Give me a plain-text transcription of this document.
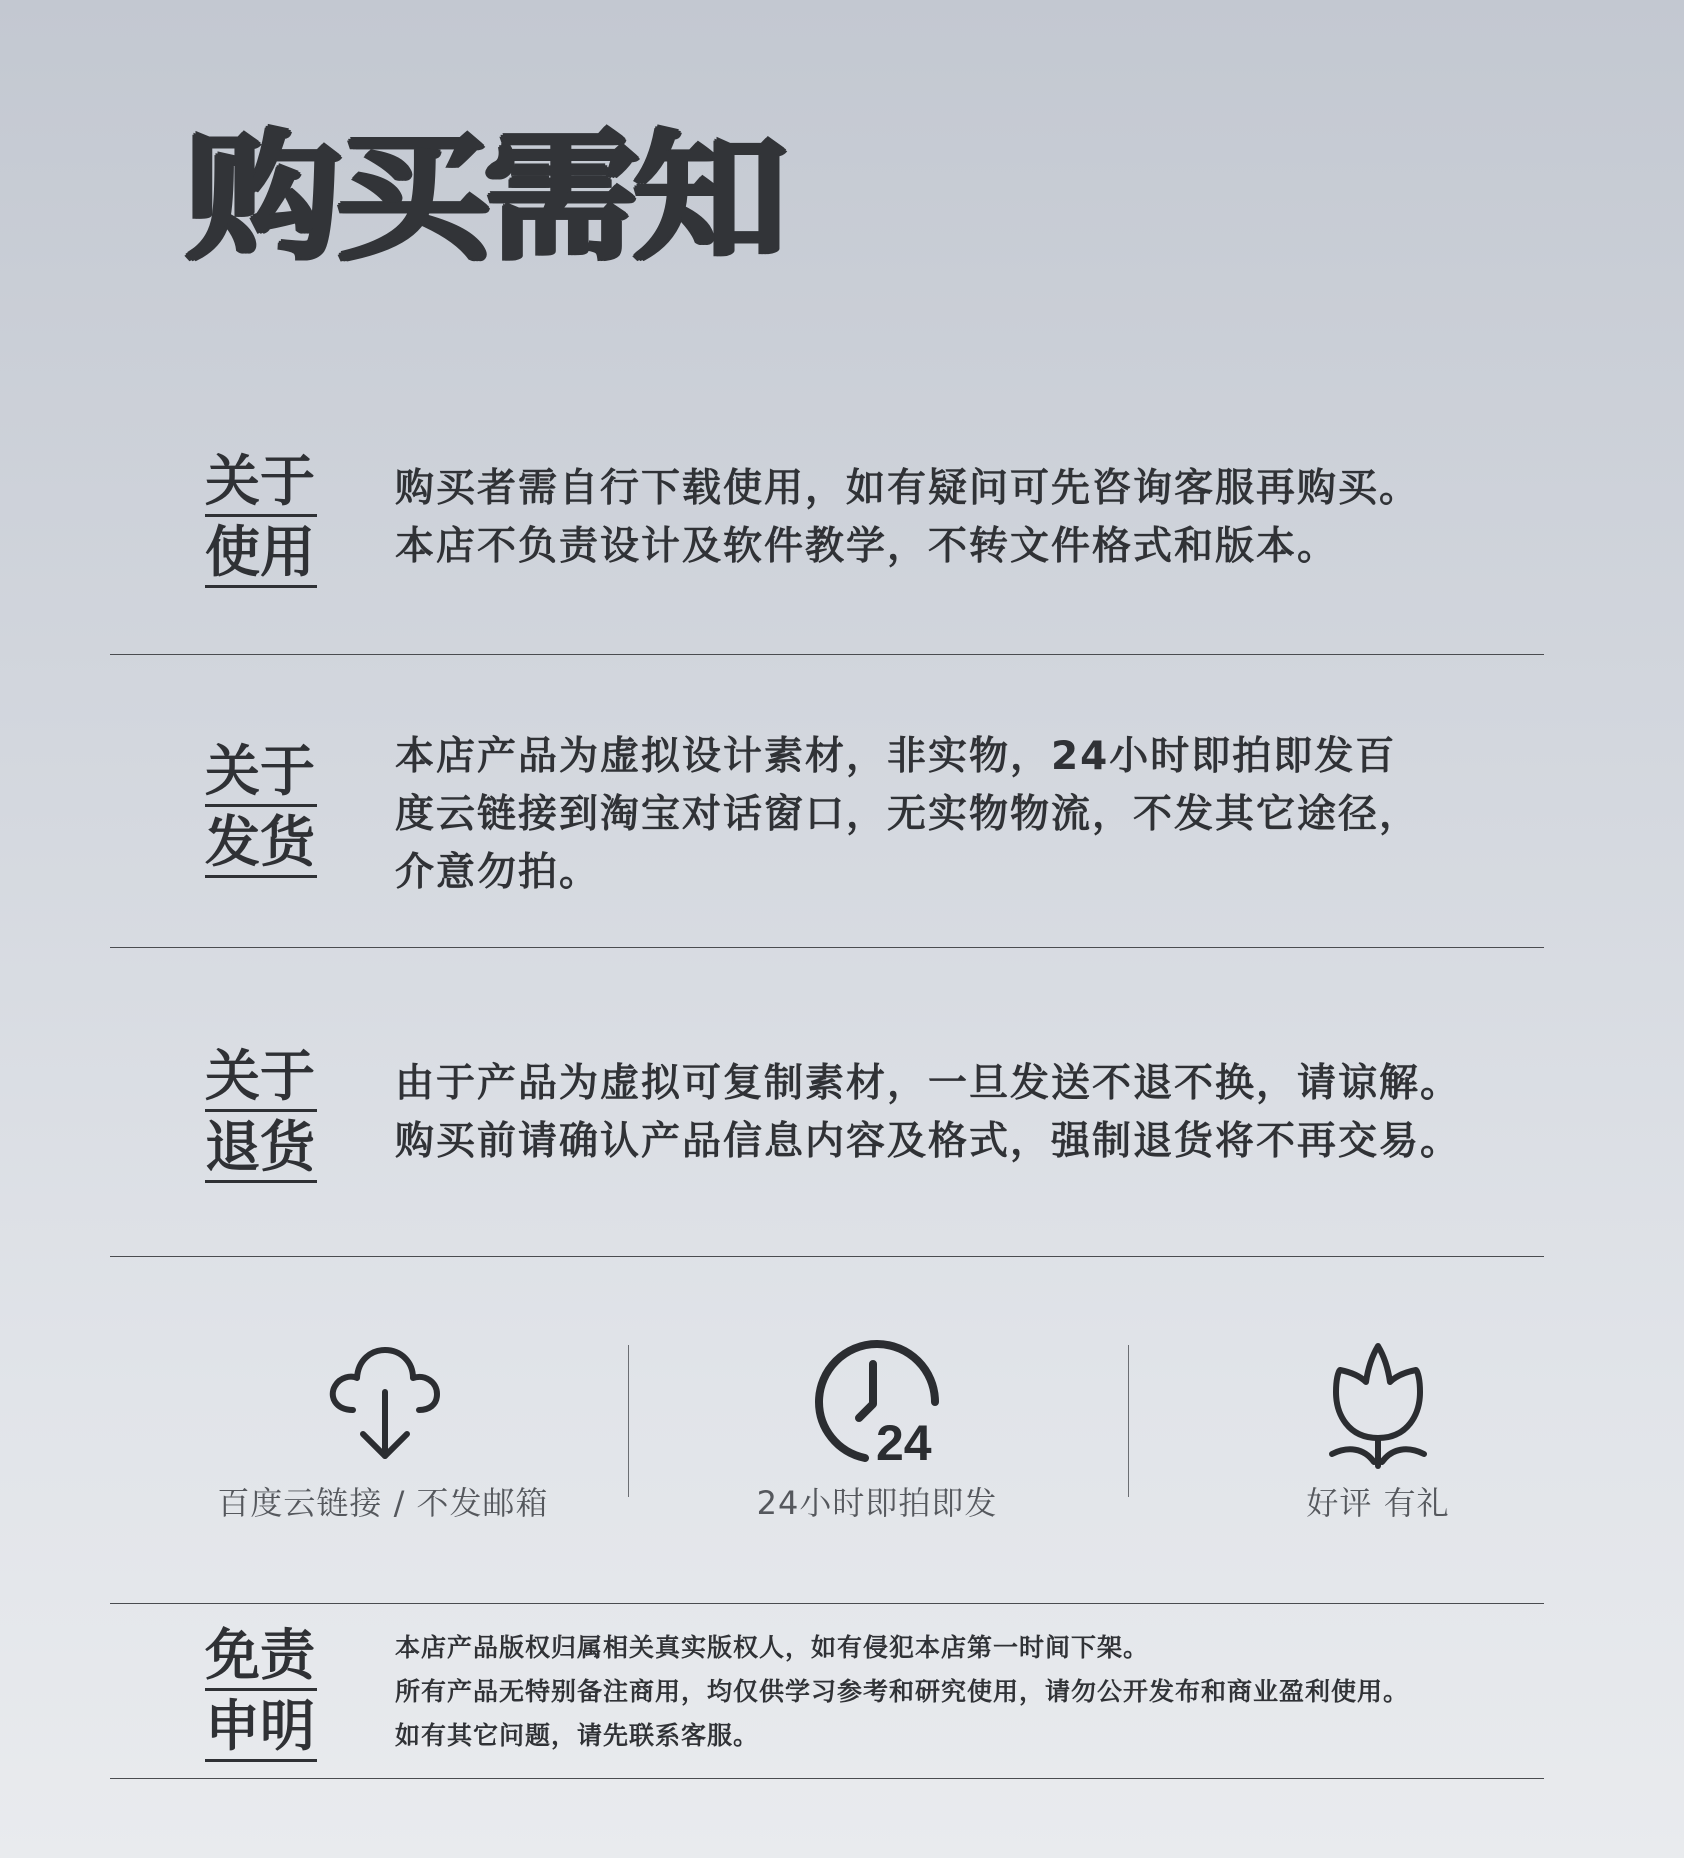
购买需知
关于
使用
购买者需自行下载使用，如有疑问可先咨询客服再购买。
本店不负责设计及软件教学，不转文件格式和版本。
关于
发货
本店产品为虚拟设计素材，非实物，24小时即拍即发百
度云链接到淘宝对话窗口，无实物物流，不发其它途径，
介意勿拍。
关于
退货
由于产品为虚拟可复制素材，一旦发送不退不换，请谅解。
购买前请确认产品信息内容及格式，强制退货将不再交易。
百度云链接 / 不发邮箱
24
24小时即拍即发	好评 有礼
免责
申明
本店产品版权归属相关真实版权人，如有侵犯本店第一时间下架。
所有产品无特别备注商用，均仅供学习参考和研究使用，请勿公开发布和商业盈利使用。
如有其它问题，请先联系客服。
